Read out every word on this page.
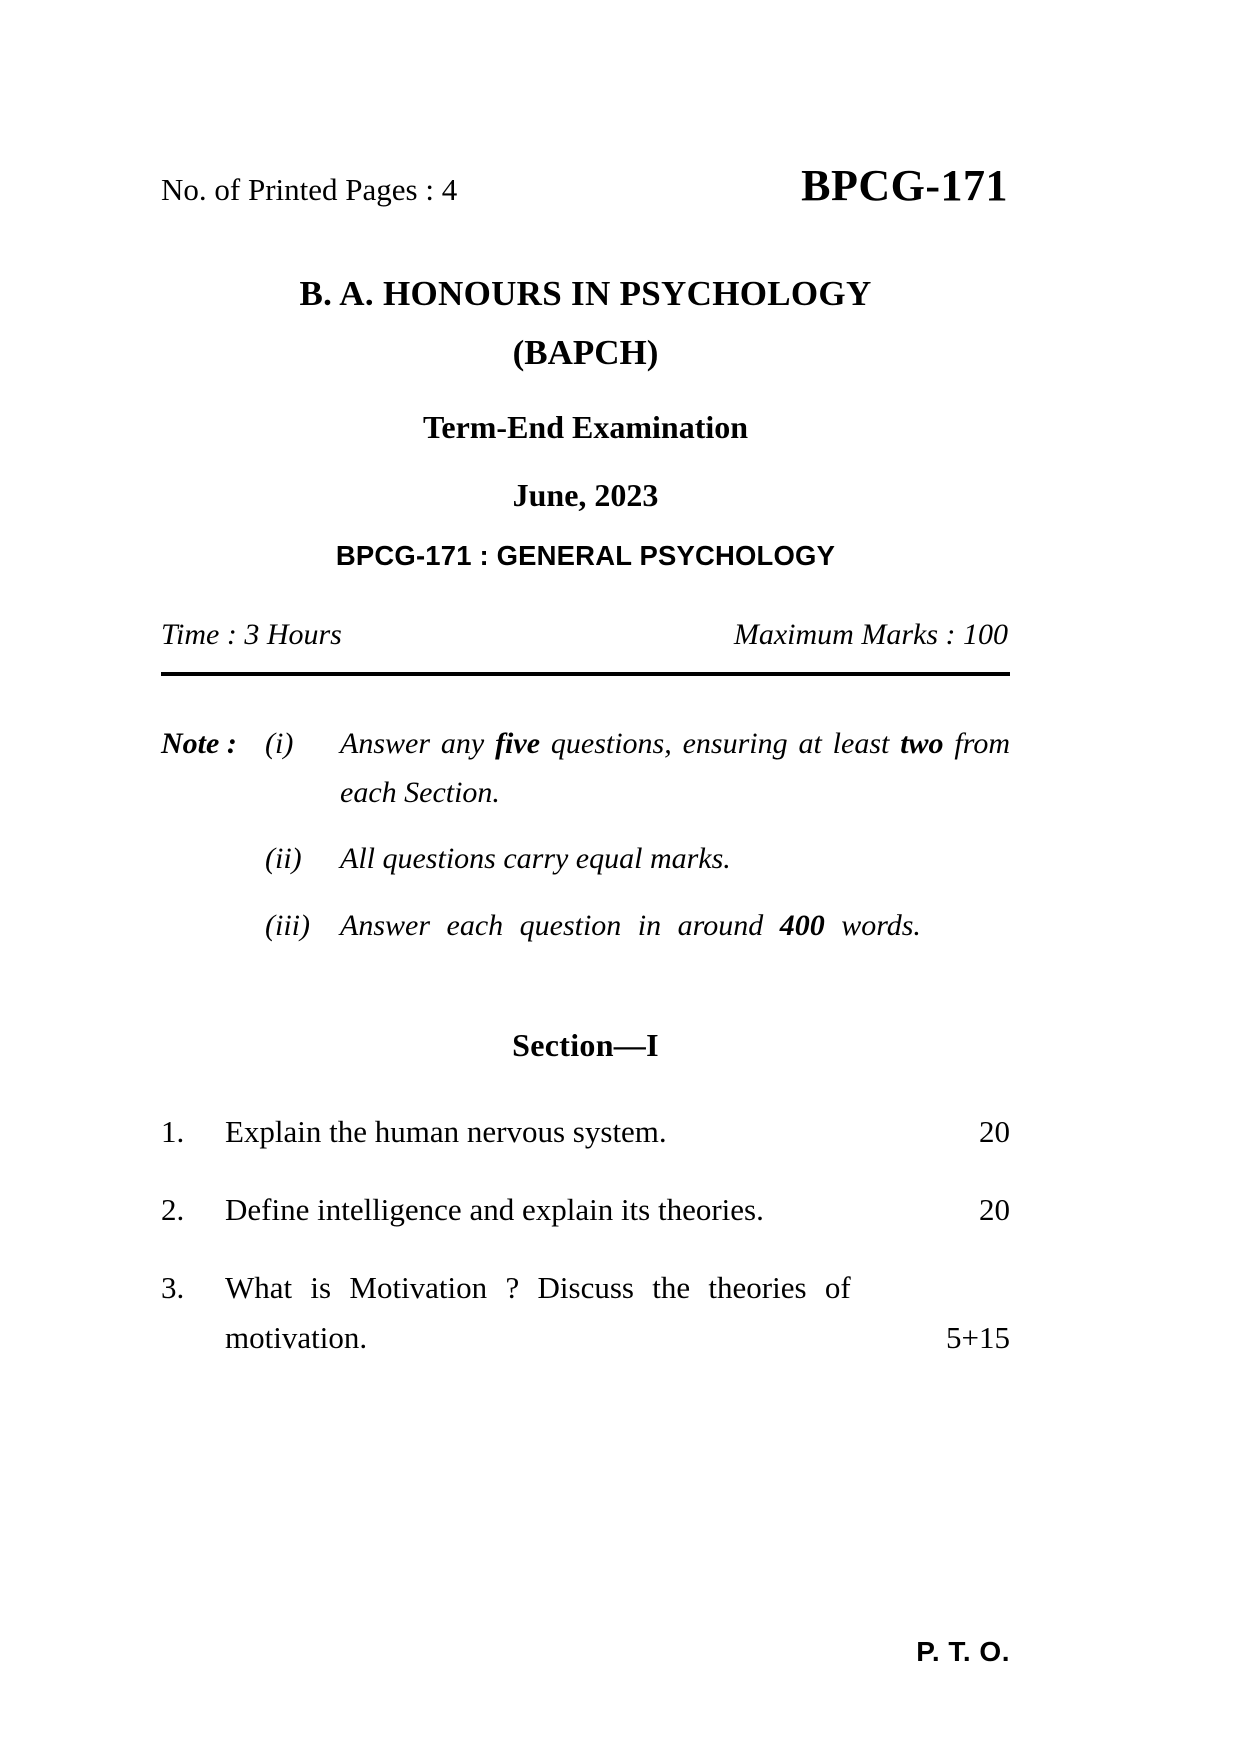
No. of Printed Pages : 4	BPCG-171
B. A. HONOURS IN PSYCHOLOGY
(BAPCH)
Term-End Examination
June, 2023
BPCG-171 : GENERAL PSYCHOLOGY
Time : 3 Hours	Maximum Marks : 100
Note : (i)	Answer any five questions, ensuring at least two from each Section.
(ii)	All questions carry equal marks.
(iii)	Answer each question in around 400 words.
Section—I
1.	Explain the human nervous system.	20
2.	Define intelligence and explain its theories.	20
3.	What is Motivation ? Discuss the theories of
motivation.	5+15
P. T. O.
